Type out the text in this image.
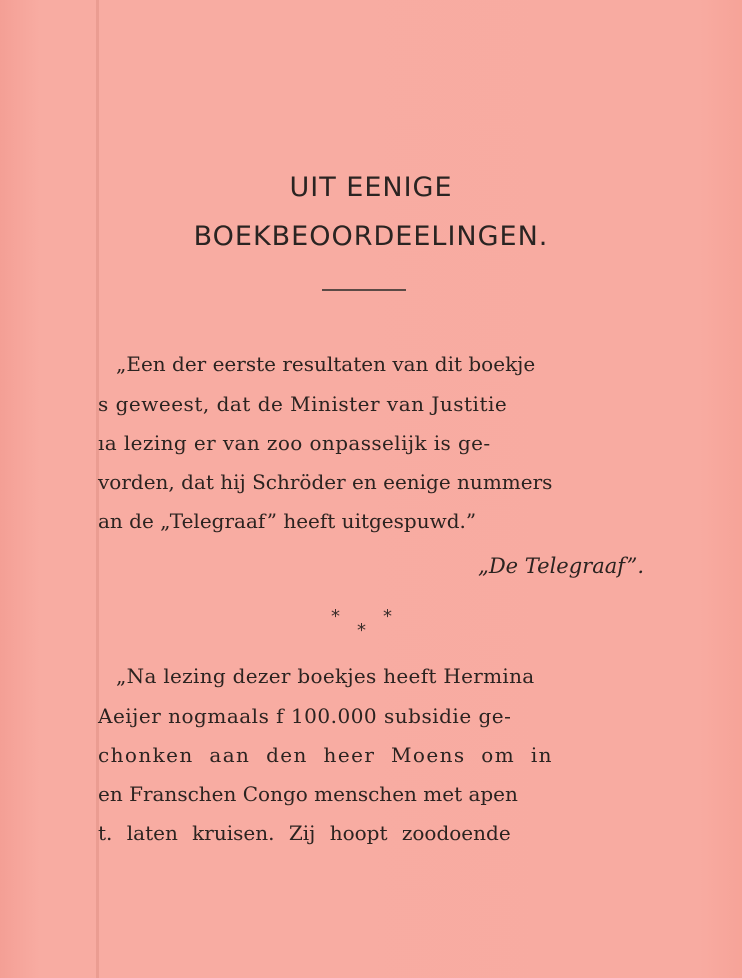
UIT EENIGE
BOEKBEOORDEELINGEN.
„Een der eerste resultaten van dit boekje
s geweest, dat de Minister van Justitie
ıa lezing er van zoo onpasselijk is ge-
vorden, dat hij Schröder en eenige nummers
an de „Telegraaf” heeft uitgespuwd.”
„De Telegraaf”.
* *
*
„Na lezing dezer boekjes heeft Hermina
Aeijer nogmaals f 100.000 subsidie ge-
chonken aan den heer Moens om in
en Franschen Congo menschen met apen
t. laten kruisen. Zij hoopt zoodoende
